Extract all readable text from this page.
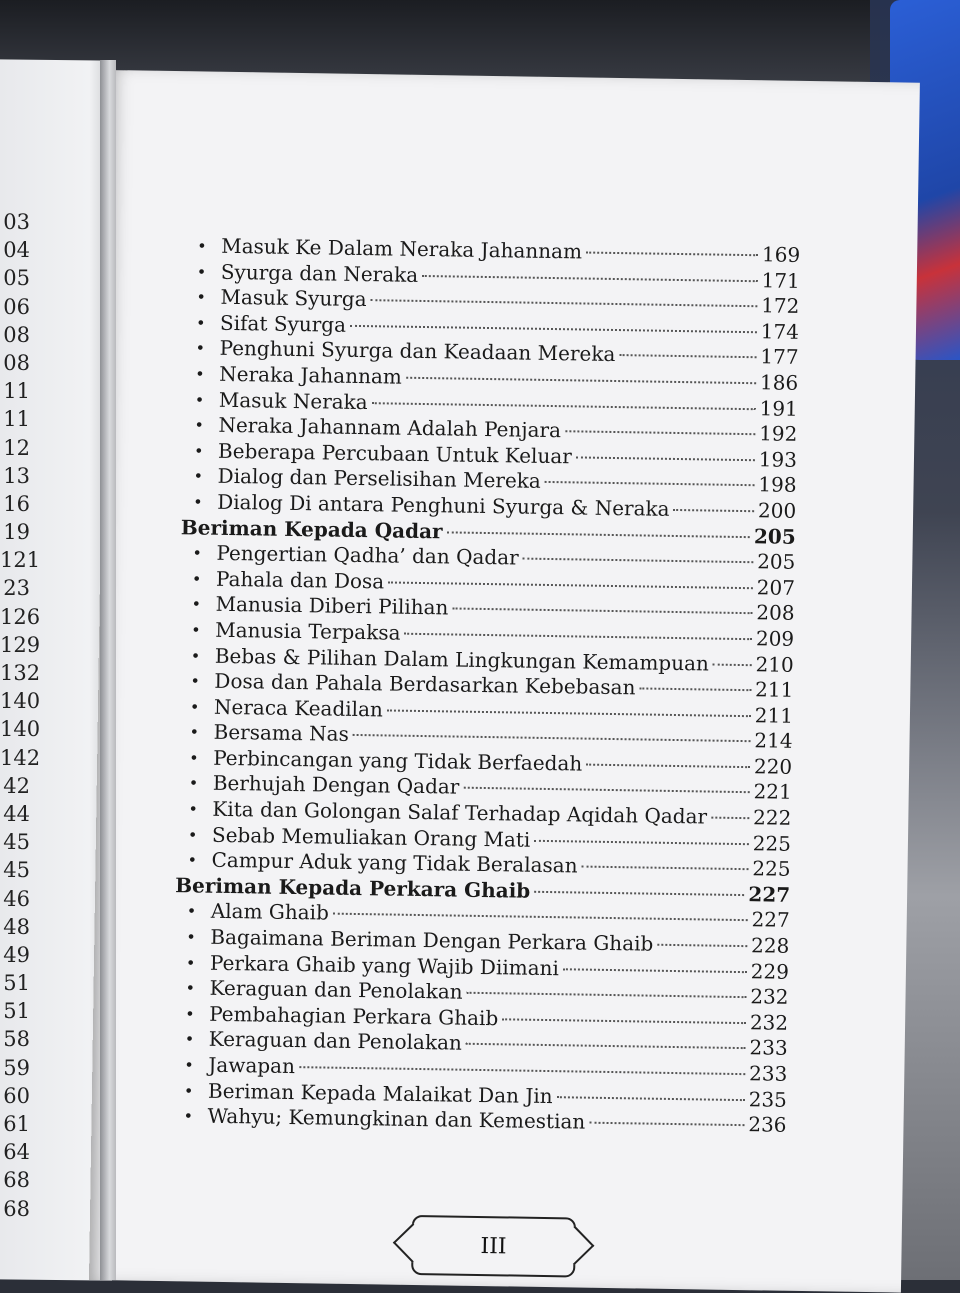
03
04
05
06
08
08
11
11
12
13
16
19
121
23
126
129
132
140
140
142
42
44
45
45
46
48
49
51
51
58
59
60
61
64
68
68
• Masuk Ke Dalam Neraka Jahannam	169
• Syurga dan Neraka	171
• Masuk Syurga	172
• Sifat Syurga	174
• Penghuni Syurga dan Keadaan Mereka	177
• Neraka Jahannam	186
• Masuk Neraka	191
• Neraka Jahannam Adalah Penjara	192
• Beberapa Percubaan Untuk Keluar	193
• Dialog dan Perselisihan Mereka	198
• Dialog Di antara Penghuni Syurga & Neraka	200
Beriman Kepada Qadar	205
• Pengertian Qadha’ dan Qadar	205
• Pahala dan Dosa	207
• Manusia Diberi Pilihan	208
• Manusia Terpaksa	209
• Bebas & Pilihan Dalam Lingkungan Kemampuan 210
• Dosa dan Pahala Berdasarkan Kebebasan	211
• Neraca Keadilan	211
• Bersama Nas	214
• Perbincangan yang Tidak Berfaedah	220
• Berhujah Dengan Qadar	221
• Kita dan Golongan Salaf Terhadap Aqidah Qadar 222
• Sebab Memuliakan Orang Mati	225
• Campur Aduk yang Tidak Beralasan	225
Beriman Kepada Perkara Ghaib	227
• Alam Ghaib	227
• Bagaimana Beriman Dengan Perkara Ghaib	228
• Perkara Ghaib yang Wajib Diimani	229
• Keraguan dan Penolakan	232
• Pembahagian Perkara Ghaib	232
• Keraguan dan Penolakan	233
• Jawapan	233
• Beriman Kepada Malaikat Dan Jin	235
• Wahyu; Kemungkinan dan Kemestian	236
III
